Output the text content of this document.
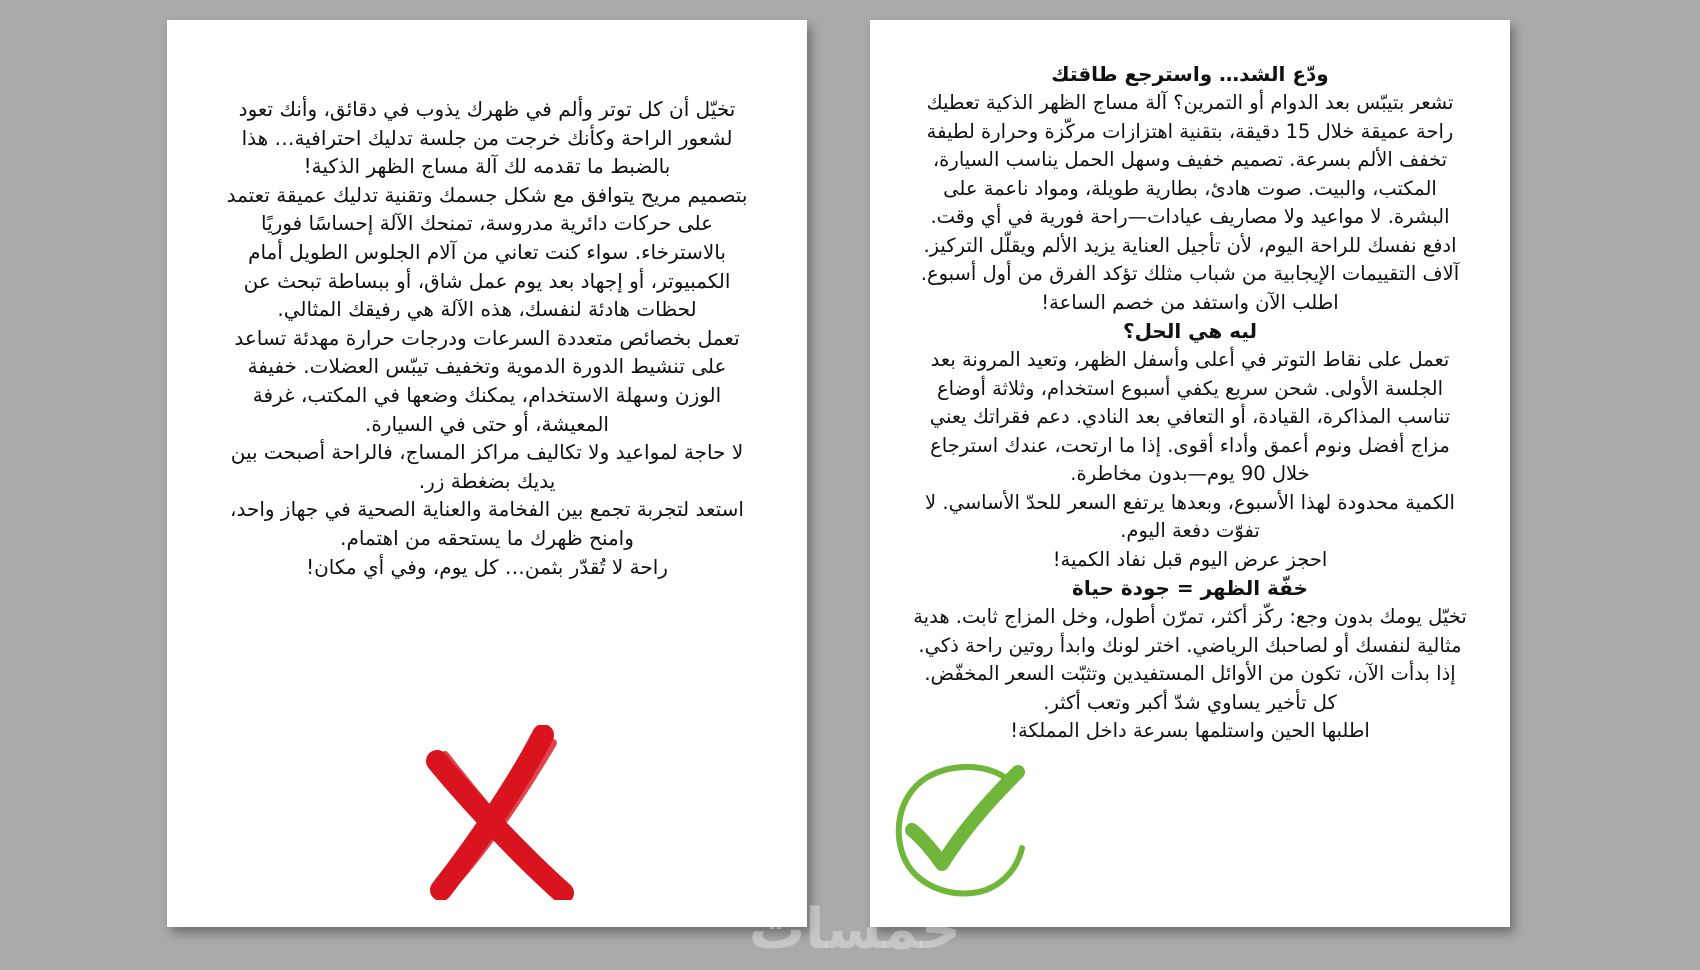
تخيّل أن كل توتر وألم في ظهرك يذوب في دقائق، وأنك تعود لشعور الراحة وكأنك خرجت من جلسة تدليك احترافية… هذا بالضبط ما تقدمه لك آلة مساج الظهر الذكية!

بتصميم مريح يتوافق مع شكل جسمك وتقنية تدليك عميقة تعتمد على حركات دائرية مدروسة، تمنحك الآلة إحساسًا فوريًا بالاسترخاء. سواء كنت تعاني من آلام الجلوس الطويل أمام الكمبيوتر، أو إجهاد بعد يوم عمل شاق، أو ببساطة تبحث عن لحظات هادئة لنفسك، هذه الآلة هي رفيقك المثالي.

تعمل بخصائص متعددة السرعات ودرجات حرارة مهدئة تساعد على تنشيط الدورة الدموية وتخفيف تيبّس العضلات. خفيفة الوزن وسهلة الاستخدام، يمكنك وضعها في المكتب، غرفة المعيشة، أو حتى في السيارة.

لا حاجة لمواعيد ولا تكاليف مراكز المساج، فالراحة أصبحت بين يديك بضغطة زر.

استعد لتجربة تجمع بين الفخامة والعناية الصحية في جهاز واحد، وامنح ظهرك ما يستحقه من اهتمام.

راحة لا تُقدّر بثمن… كل يوم، وفي أي مكان!

ودّع الشد… واسترجع طاقتك

تشعر بتيبّس بعد الدوام أو التمرين؟ آلة مساج الظهر الذكية تعطيك راحة عميقة خلال 15 دقيقة، بتقنية اهتزازات مركّزة وحرارة لطيفة تخفف الألم بسرعة. تصميم خفيف وسهل الحمل يناسب السيارة، المكتب، والبيت. صوت هادئ، بطارية طويلة، ومواد ناعمة على البشرة. لا مواعيد ولا مصاريف عيادات—راحة فورية في أي وقت.

ادفع نفسك للراحة اليوم، لأن تأجيل العناية يزيد الألم ويقلّل التركيز. آلاف التقييمات الإيجابية من شباب مثلك تؤكد الفرق من أول أسبوع.

اطلب الآن واستفد من خصم الساعة!

ليه هي الحل؟

تعمل على نقاط التوتر في أعلى وأسفل الظهر، وتعيد المرونة بعد الجلسة الأولى. شحن سريع يكفي أسبوع استخدام، وثلاثة أوضاع تناسب المذاكرة، القيادة، أو التعافي بعد النادي. دعم فقراتك يعني مزاج أفضل ونوم أعمق وأداء أقوى. إذا ما ارتحت، عندك استرجاع خلال 90 يوم—بدون مخاطرة.

الكمية محدودة لهذا الأسبوع، وبعدها يرتفع السعر للحدّ الأساسي. لا تفوّت دفعة اليوم.

احجز عرض اليوم قبل نفاد الكمية!

خفّة الظهر = جودة حياة

تخيّل يومك بدون وجع: ركّز أكثر، تمرّن أطول، وخل المزاج ثابت. هدية مثالية لنفسك أو لصاحبك الرياضي. اختر لونك وابدأ روتين راحة ذكي. إذا بدأت الآن، تكون من الأوائل المستفيدين وتثبّت السعر المخفّض. كل تأخير يساوي شدّ أكبر وتعب أكثر.

اطلبها الحين واستلمها بسرعة داخل المملكة!

خمسات
